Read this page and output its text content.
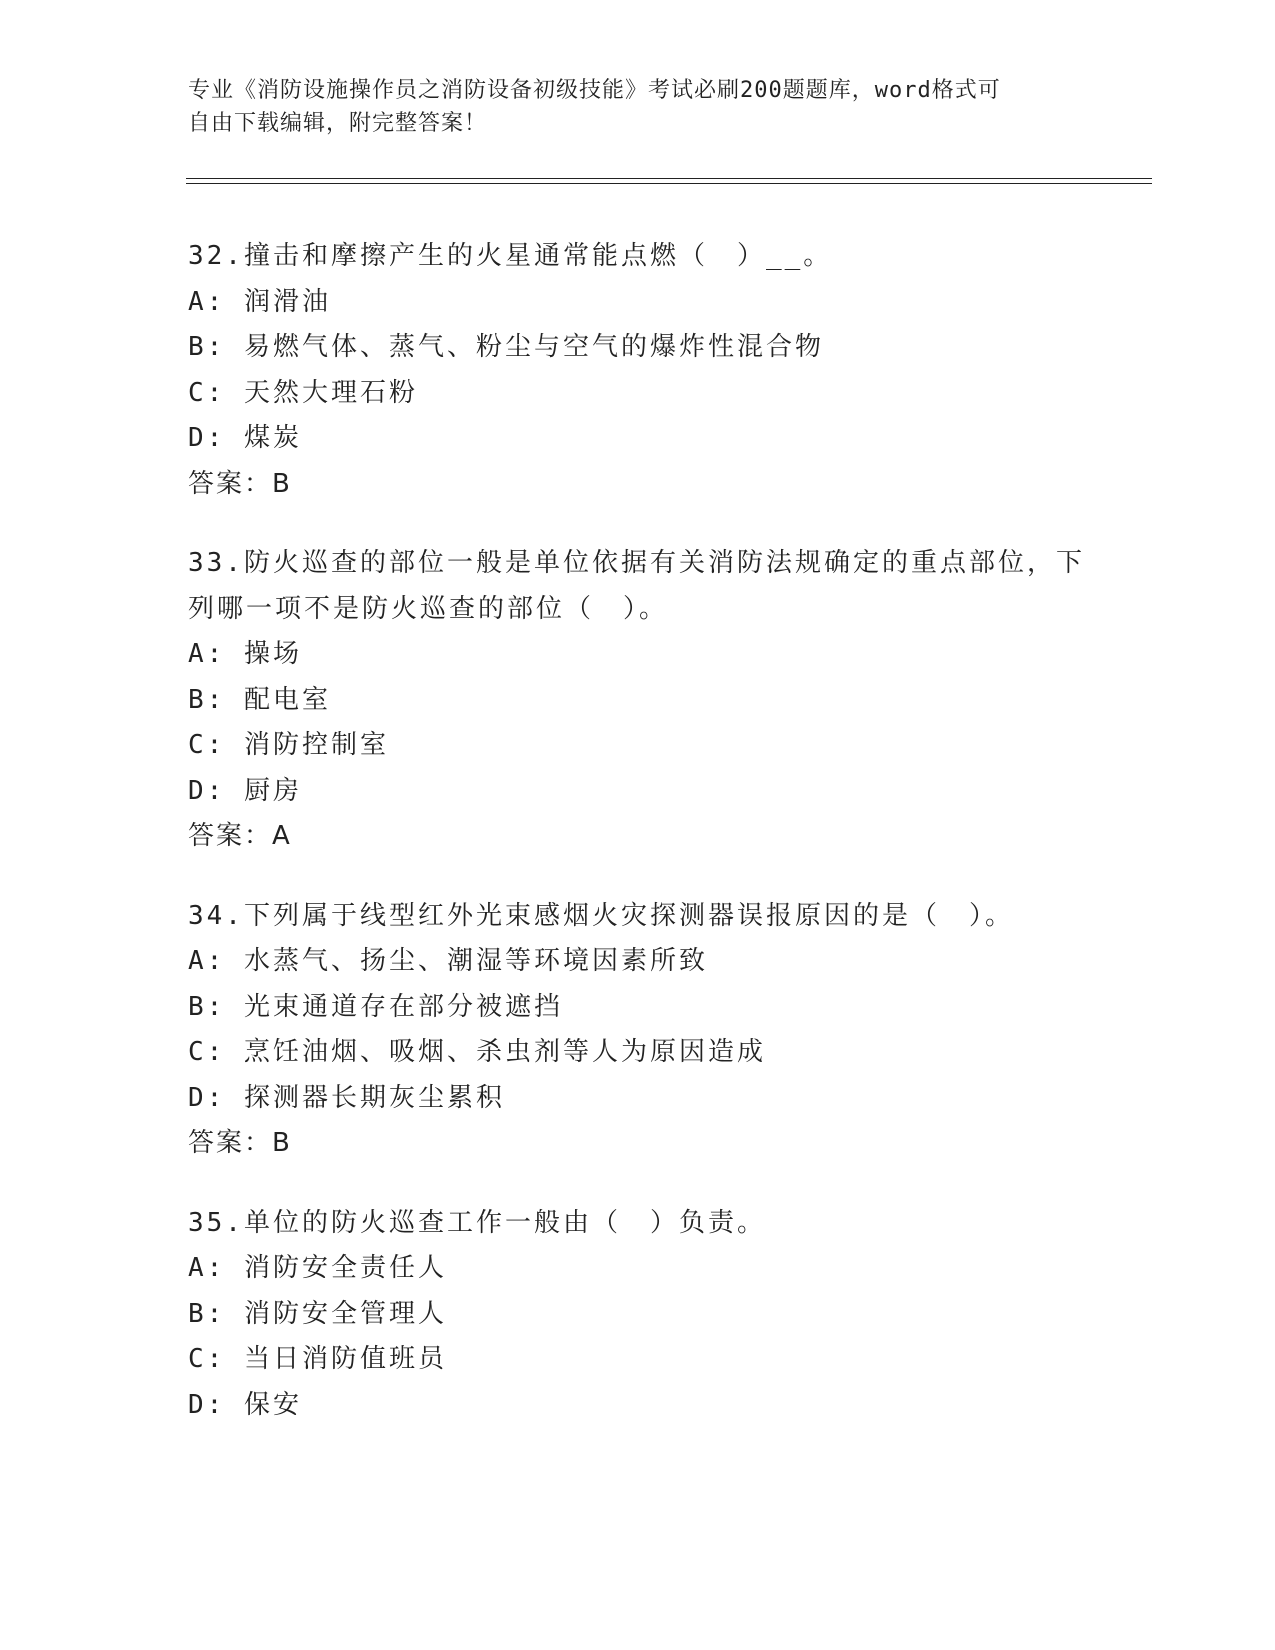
专业《消防设施操作员之消防设备初级技能》考试必刷200题题库，word格式可
自由下载编辑，附完整答案！
32.撞击和摩擦产生的火星通常能点燃（　）__。
A: 润滑油
B: 易燃气体、蒸气、粉尘与空气的爆炸性混合物
C: 天然大理石粉
D: 煤炭
答案：B
33.防火巡查的部位一般是单位依据有关消防法规确定的重点部位，下列哪一项不是防火巡查的部位（　）。
A: 操场
B: 配电室
C: 消防控制室
D: 厨房
答案：A
34.下列属于线型红外光束感烟火灾探测器误报原因的是（　）。
A: 水蒸气、扬尘、潮湿等环境因素所致
B: 光束通道存在部分被遮挡
C: 烹饪油烟、吸烟、杀虫剂等人为原因造成
D: 探测器长期灰尘累积
答案：B
35.单位的防火巡查工作一般由（　）负责。
A: 消防安全责任人
B: 消防安全管理人
C: 当日消防值班员
D: 保安
